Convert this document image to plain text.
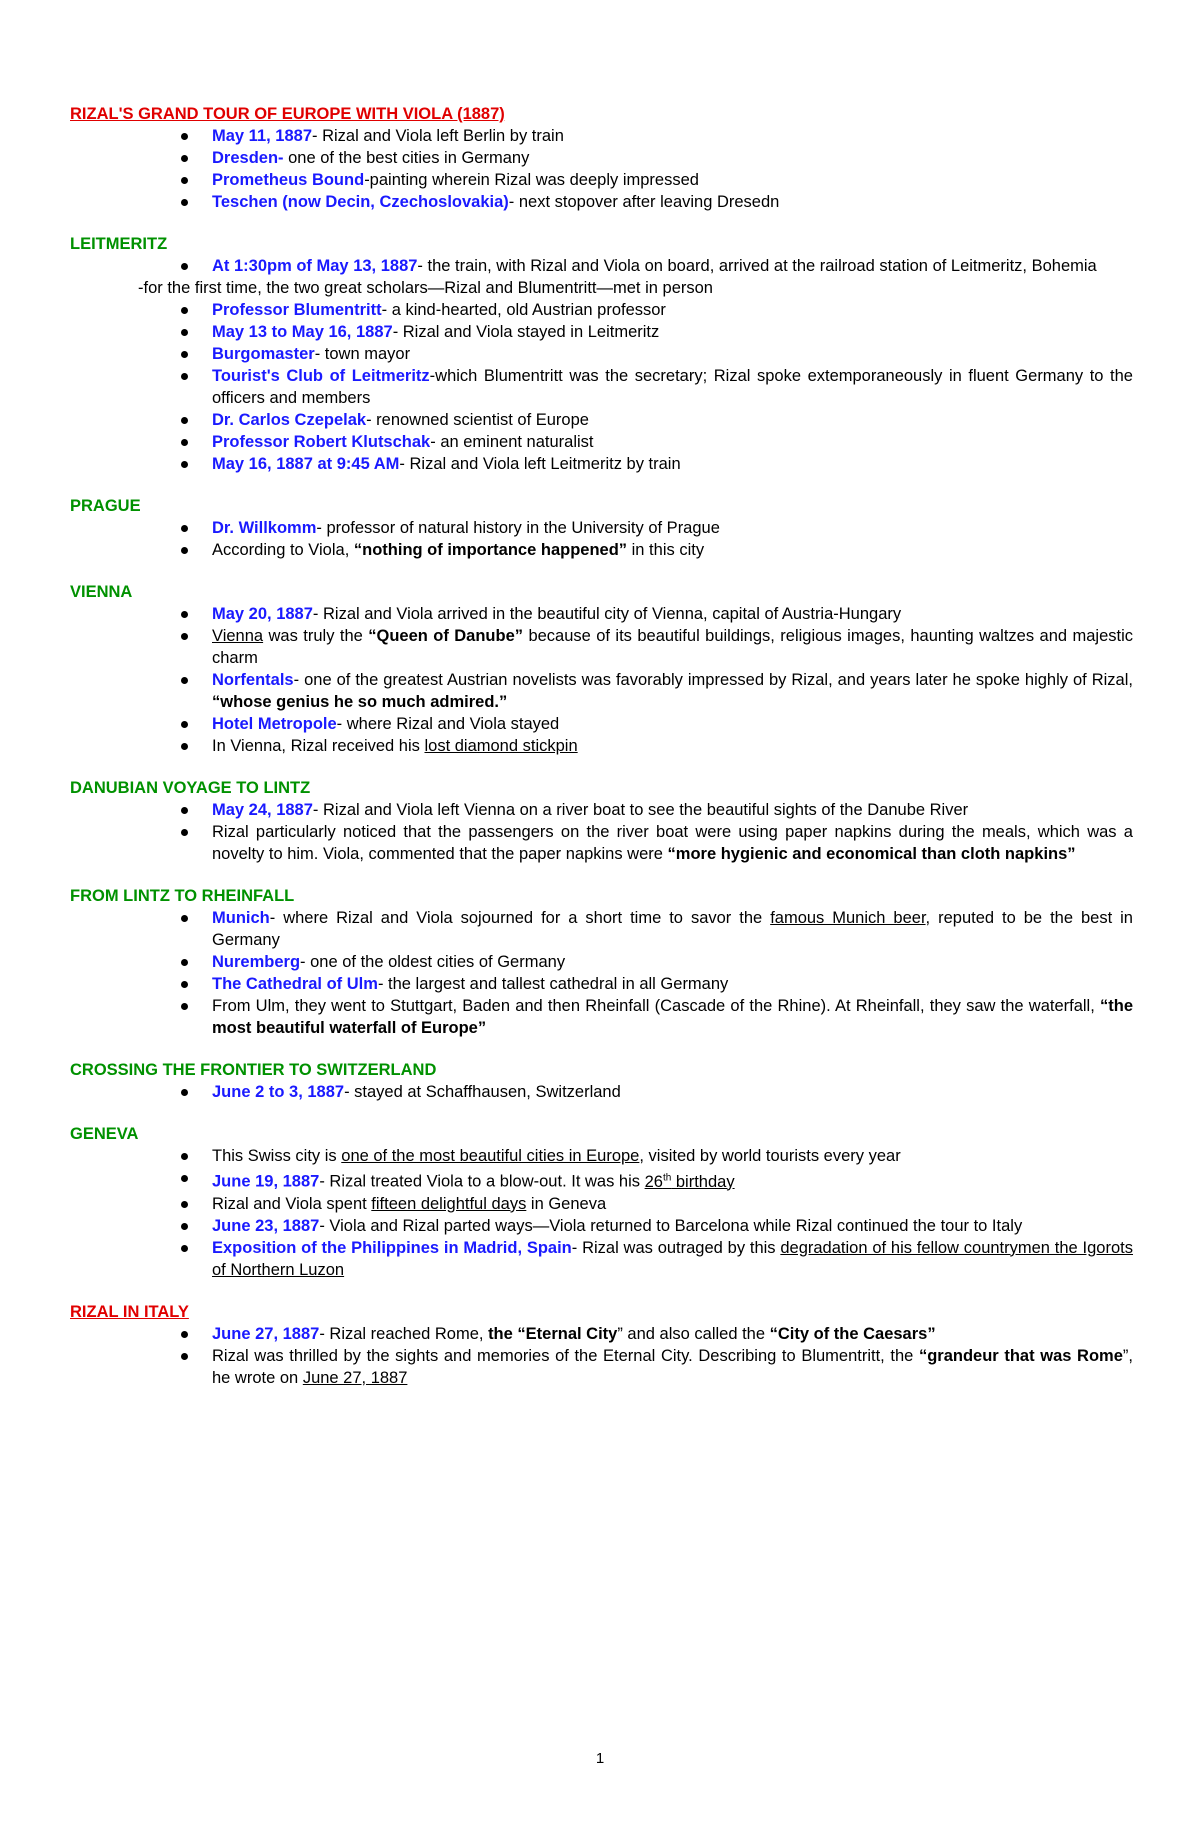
RIZAL'S GRAND TOUR OF EUROPE WITH VIOLA (1887)

May 11, 1887- Rizal and Viola left Berlin by train
Dresden- one of the best cities in Germany
Prometheus Bound-painting wherein Rizal was deeply impressed
Teschen (now Decin, Czechoslovakia)- next stopover after leaving Dresedn

LEITMERITZ

At 1:30pm of May 13, 1887- the train, with Rizal and Viola on board, arrived at the railroad station of Leitmeritz, Bohemia
-for the first time, the two great scholars—Rizal and Blumentritt—met in person
Professor Blumentritt- a kind-hearted, old Austrian professor
May 13 to May 16, 1887- Rizal and Viola stayed in Leitmeritz
Burgomaster- town mayor
Tourist's Club of Leitmeritz-which Blumentritt was the secretary; Rizal spoke extemporaneously in fluent Germany to the officers and members
Dr. Carlos Czepelak- renowned scientist of Europe
Professor Robert Klutschak- an eminent naturalist
May 16, 1887 at 9:45 AM- Rizal and Viola left Leitmeritz by train

PRAGUE

Dr. Willkomm- professor of natural history in the University of Prague
According to Viola, “nothing of importance happened” in this city

VIENNA

May 20, 1887- Rizal and Viola arrived in the beautiful city of Vienna, capital of Austria-Hungary
Vienna was truly the “Queen of Danube” because of its beautiful buildings, religious images, haunting waltzes and majestic charm
Norfentals- one of the greatest Austrian novelists was favorably impressed by Rizal, and years later he spoke highly of Rizal, “whose genius he so much admired.”
Hotel Metropole- where Rizal and Viola stayed
In Vienna, Rizal received his lost diamond stickpin

DANUBIAN VOYAGE TO LINTZ

May 24, 1887- Rizal and Viola left Vienna on a river boat to see the beautiful sights of the Danube River
Rizal particularly noticed that the passengers on the river boat were using paper napkins during the meals, which was a novelty to him. Viola, commented that the paper napkins were “more hygienic and economical than cloth napkins”

FROM LINTZ TO RHEINFALL

Munich- where Rizal and Viola sojourned for a short time to savor the famous Munich beer, reputed to be the best in Germany
Nuremberg- one of the oldest cities of Germany
The Cathedral of Ulm- the largest and tallest cathedral in all Germany
From Ulm, they went to Stuttgart, Baden and then Rheinfall (Cascade of the Rhine). At Rheinfall, they saw the waterfall, “the most beautiful waterfall of Europe”

CROSSING THE FRONTIER TO SWITZERLAND

June 2 to 3, 1887- stayed at Schaffhausen, Switzerland

GENEVA

This Swiss city is one of the most beautiful cities in Europe, visited by world tourists every year
June 19, 1887- Rizal treated Viola to a blow-out. It was his 26th birthday
Rizal and Viola spent fifteen delightful days in Geneva
June 23, 1887- Viola and Rizal parted ways—Viola returned to Barcelona while Rizal continued the tour to Italy
Exposition of the Philippines in Madrid, Spain- Rizal was outraged by this degradation of his fellow countrymen the Igorots of Northern Luzon

RIZAL IN ITALY

June 27, 1887- Rizal reached Rome, the “Eternal City” and also called the “City of the Caesars”
Rizal was thrilled by the sights and memories of the Eternal City. Describing to Blumentritt, the “grandeur that was Rome”, he wrote on June 27, 1887
1
